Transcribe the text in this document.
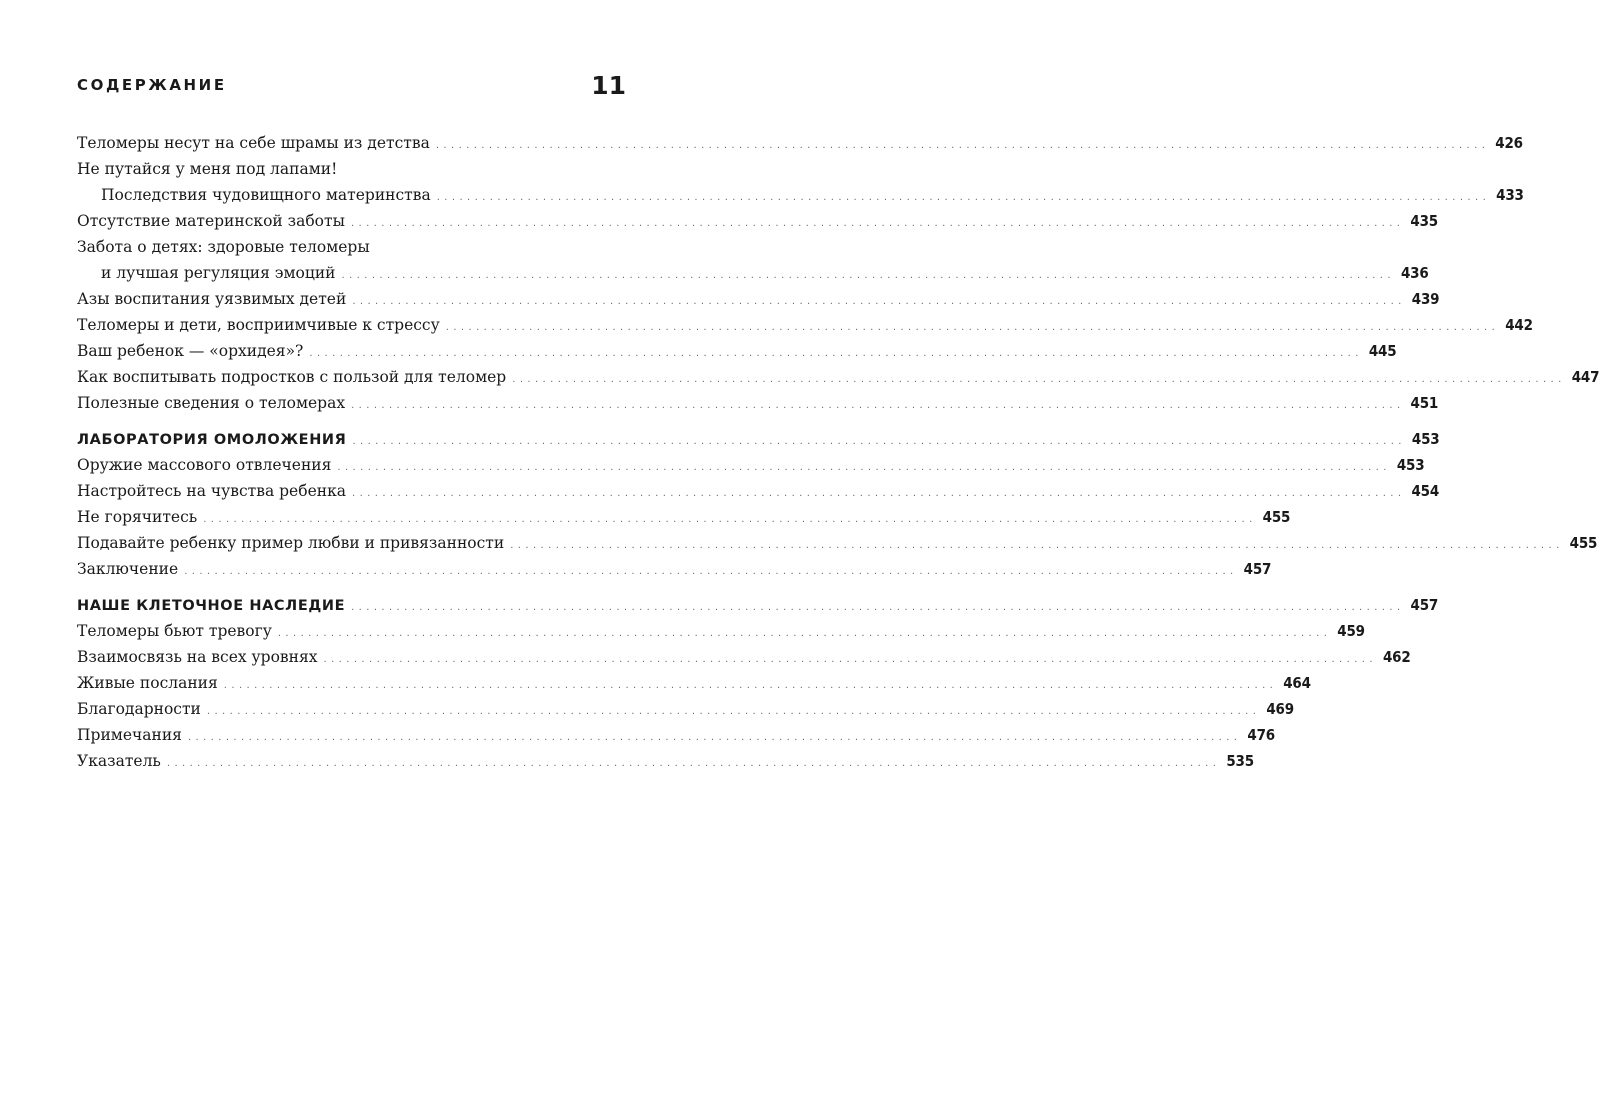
СОДЕРЖАНИЕ	11
Теломеры несут на себе шрамы из детства ........................................................................................................................................... 426
Не путайся у меня под лапами!
Последствия чудовищного материнства ........................................................................................................................................... 433
Отсутствие материнской заботы ........................................................................................................................................... 435
Забота о детях: здоровые теломеры
и лучшая регуляция эмоций ........................................................................................................................................... 436
Азы воспитания уязвимых детей ........................................................................................................................................... 439
Теломеры и дети, восприимчивые к стрессу ........................................................................................................................................... 442
Ваш ребенок — «орхидея»? ........................................................................................................................................... 445
Как воспитывать подростков с пользой для теломер ........................................................................................................................................... 447
Полезные сведения о теломерах ........................................................................................................................................... 451
ЛАБОРАТОРИЯ ОМОЛОЖЕНИЯ ........................................................................................................................................... 453
Оружие массового отвлечения ........................................................................................................................................... 453
Настройтесь на чувства ребенка ........................................................................................................................................... 454
Не горячитесь ........................................................................................................................................... 455
Подавайте ребенку пример любви и привязанности ........................................................................................................................................... 455
Заключение ........................................................................................................................................... 457
НАШЕ КЛЕТОЧНОЕ НАСЛЕДИЕ ........................................................................................................................................... 457
Теломеры бьют тревогу ........................................................................................................................................... 459
Взаимосвязь на всех уровнях ........................................................................................................................................... 462
Живые послания ........................................................................................................................................... 464
Благодарности ........................................................................................................................................... 469
Примечания ........................................................................................................................................... 476
Указатель ........................................................................................................................................... 535
